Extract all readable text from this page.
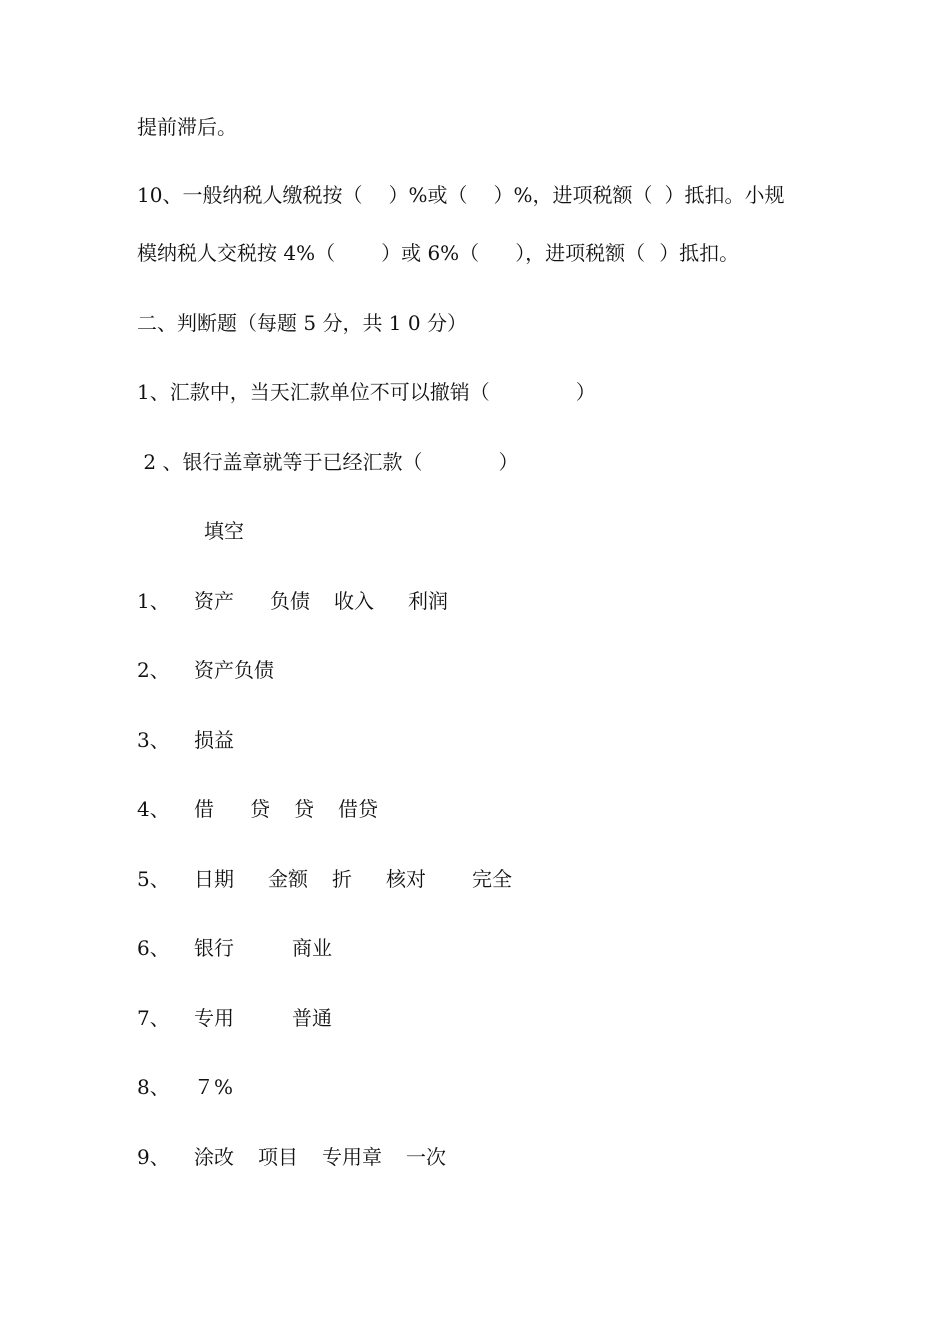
提前滞后。

10、一般纳税人缴税按（ ）%或（ ）%，进项税额（ ）抵扣。小规

模纳税人交税按 4%（ ）或 6%（ ），进项税额（ ）抵扣。

二、判断题（每题 5 分，共 1 0 分）

1、汇款中，当天汇款单位不可以撤销（	）

2 、银行盖章就等于已经汇款（	）

填空

1、 资产 负债 收入 利润

2、 资产负债

3、 损益

4、 借 贷 贷 借贷

5、 日期 金额 折 核对 完全

6、 银行	商业

7、 专用	普通

8、 ７%

9、 涂改 项目 专用章 一次
